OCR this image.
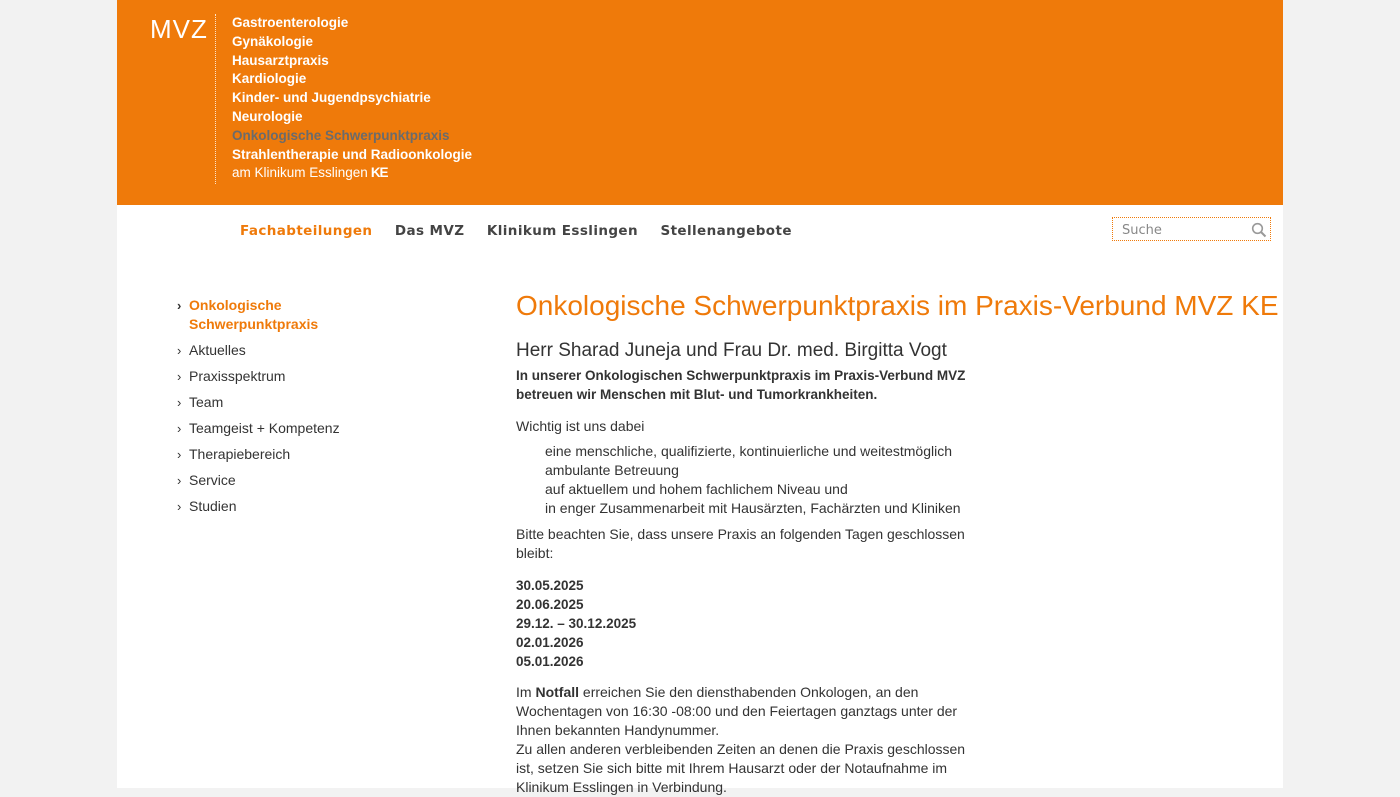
MVZ Gastroenterologie
Gynäkologie
Hausarztpraxis
Kardiologie
Kinder- und Jugendpsychiatrie
Neurologie
Onkologische Schwerpunktpraxis
Strahlentherapie und Radioonkologie
am Klinikum Esslingen KE
Fachabteilungen Das MVZ Klinikum Esslingen Stellenangebote
Suche
› Onkologische Schwerpunktpraxis
› Aktuelles
› Praxisspektrum
› Team
› Teamgeist + Kompetenz
› Therapiebereich
› Service
› Studien
Onkologische Schwerpunktpraxis im Praxis-Verbund MVZ KE
Herr Sharad Juneja und Frau Dr. med. Birgitta Vogt
In unserer Onkologischen Schwerpunktpraxis im Praxis-Verbund MVZ betreuen wir Menschen mit Blut- und Tumorkrankheiten.

Wichtig ist uns dabei

eine menschliche, qualifizierte, kontinuierliche und weitestmöglich ambulante Betreuung
auf aktuellem und hohem fachlichem Niveau und
in enger Zusammenarbeit mit Hausärzten, Fachärzten und Kliniken

Bitte beachten Sie, dass unsere Praxis an folgenden Tagen geschlossen bleibt:

30.05.2025
20.06.2025
29.12. – 30.12.2025
02.01.2026
05.01.2026

Im Notfall erreichen Sie den diensthabenden Onkologen, an den Wochentagen von 16:30 -08:00 und den Feiertagen ganztags unter der Ihnen bekannten Handynummer.

Zu allen anderen verbleibenden Zeiten an denen die Praxis geschlossen ist, setzen Sie sich bitte mit Ihrem Hausarzt oder der Notaufnahme im Klinikum Esslingen in Verbindung.
